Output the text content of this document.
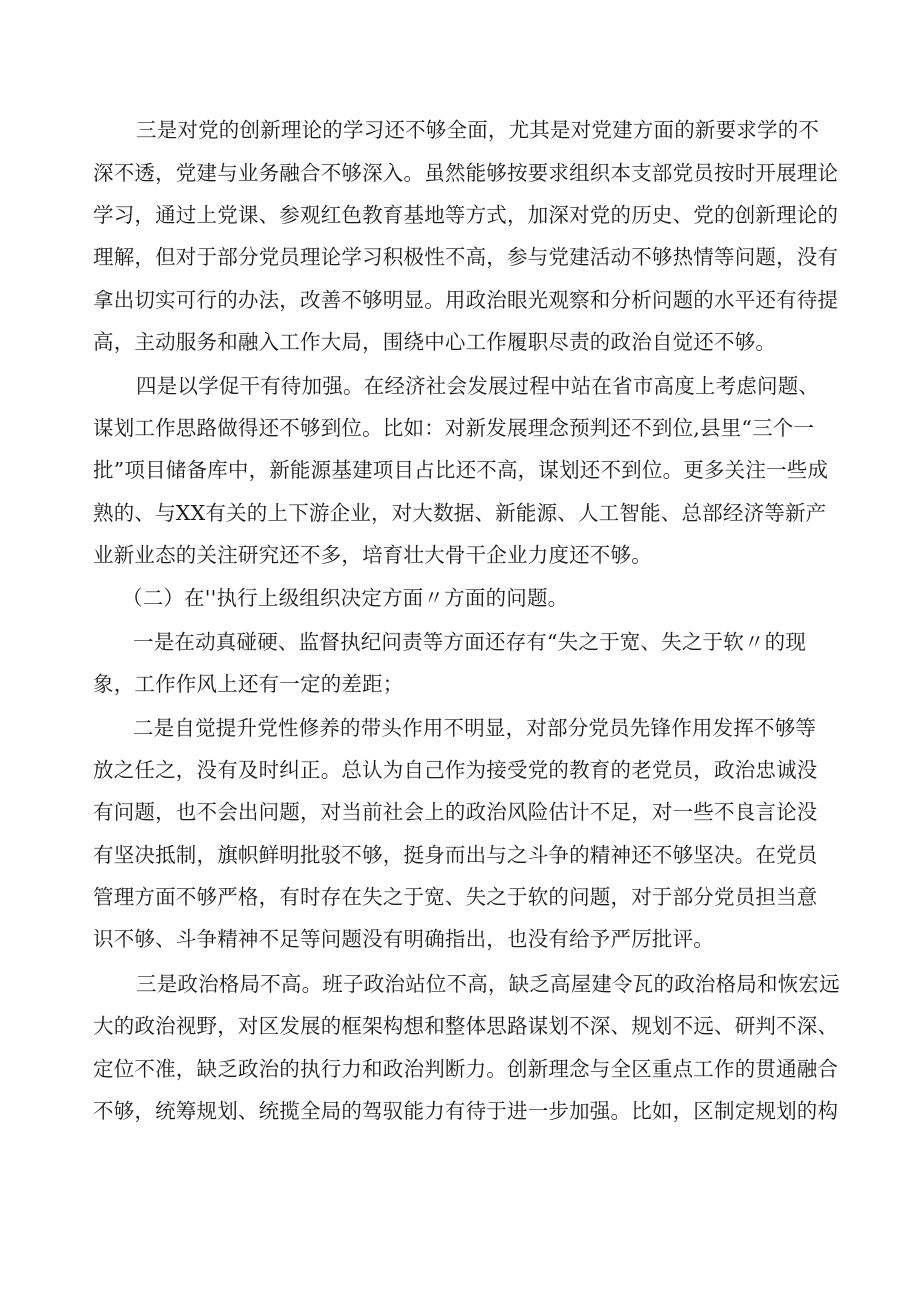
三是对党的创新理论的学习还不够全面，尤其是对党建方面的新要求学的不
深不透，党建与业务融合不够深入。虽然能够按要求组织本支部党员按时开展理论
学习，通过上党课、参观红色教育基地等方式，加深对党的历史、党的创新理论的
理解，但对于部分党员理论学习积极性不高，参与党建活动不够热情等问题，没有
拿出切实可行的办法，改善不够明显。用政治眼光观察和分析问题的水平还有待提
高，主动服务和融入工作大局，围绕中心工作履职尽责的政治自觉还不够。
四是以学促干有待加强。在经济社会发展过程中站在省市高度上考虑问题、
谋划工作思路做得还不够到位。比如：对新发展理念预判还不到位,县里“三个一
批”项目储备库中，新能源基建项目占比还不高，谋划还不到位。更多关注一些成
熟的、与XX有关的上下游企业，对大数据、新能源、人工智能、总部经济等新产
业新业态的关注研究还不多，培育壮大骨干企业力度还不够。
（二）在''执行上级组织决定方面〃方面的问题。
一是在动真碰硬、监督执纪问责等方面还存有“失之于宽、失之于软〃的现
象，工作作风上还有一定的差距；
二是自觉提升党性修养的带头作用不明显，对部分党员先锋作用发挥不够等
放之任之，没有及时纠正。总认为自己作为接受党的教育的老党员，政治忠诚没
有问题，也不会出问题，对当前社会上的政治风险估计不足，对一些不良言论没
有坚决抵制，旗帜鲜明批驳不够，挺身而出与之斗争的精神还不够坚决。在党员
管理方面不够严格，有时存在失之于宽、失之于软的问题，对于部分党员担当意
识不够、斗争精神不足等问题没有明确指出，也没有给予严厉批评。
三是政治格局不高。班子政治站位不高，缺乏高屋建令瓦的政治格局和恢宏远
大的政治视野，对区发展的框架构想和整体思路谋划不深、规划不远、研判不深、
定位不准，缺乏政治的执行力和政治判断力。创新理念与全区重点工作的贯通融合
不够，统筹规划、统揽全局的驾驭能力有待于进一步加强。比如，区制定规划的构
